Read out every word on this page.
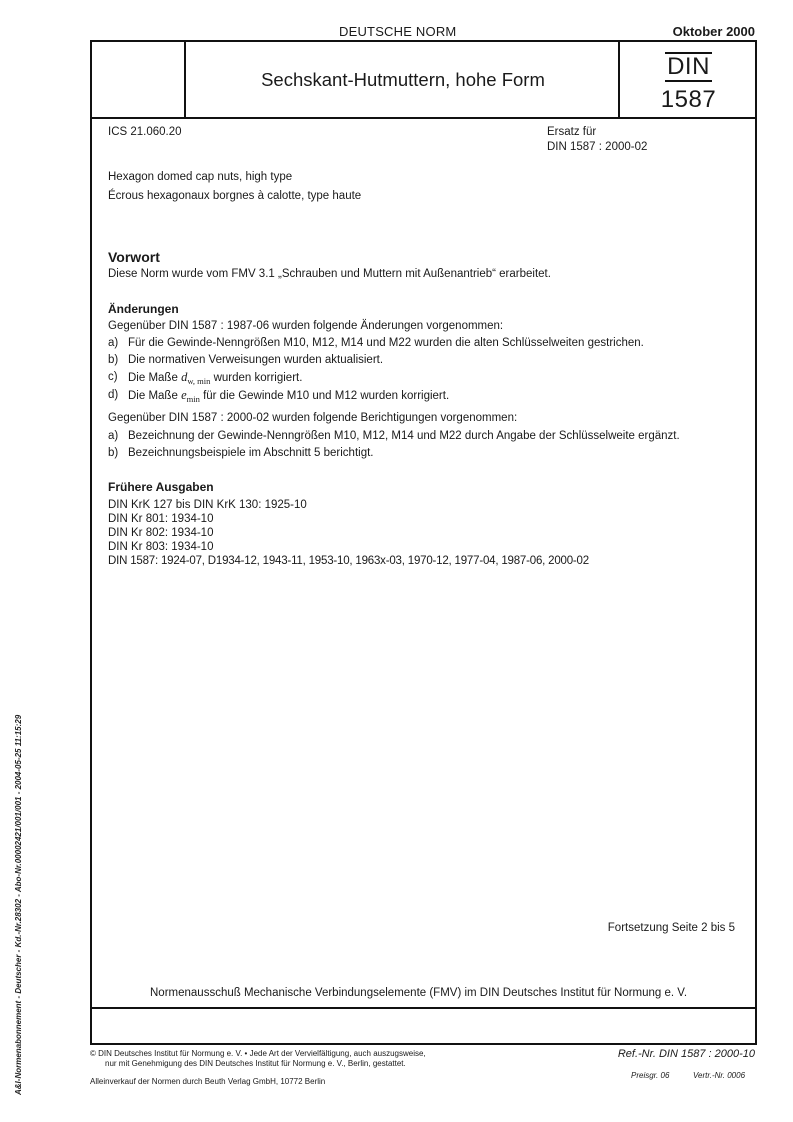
DEUTSCHE NORM	Oktober 2000
Sechskant-Hutmuttern, hohe Form	DIN
1587
ICS 21.060.20	Ersatz für
DIN 1587 : 2000-02
Hexagon domed cap nuts, high type
Écrous hexagonaux borgnes à calotte, type haute
Vorwort
Diese Norm wurde vom FMV 3.1 „Schrauben und Muttern mit Außenantrieb“ erarbeitet.
Änderungen
Gegenüber DIN 1587 : 1987-06 wurden folgende Änderungen vorgenommen:
a) Für die Gewinde-Nenngrößen M10, M12, M14 und M22 wurden die alten Schlüsselweiten gestrichen.
b) Die normativen Verweisungen wurden aktualisiert.
c) Die Maße $d_{w, min}$ wurden korrigiert.
d) Die Maße $e_{min}$ für die Gewinde M10 und M12 wurden korrigiert.
Gegenüber DIN 1587 : 2000-02 wurden folgende Berichtigungen vorgenommen:
a) Bezeichnung der Gewinde-Nenngrößen M10, M12, M14 und M22 durch Angabe der Schlüsselweite ergänzt.
b) Bezeichnungsbeispiele im Abschnitt 5 berichtigt.
Frühere Ausgaben
DIN KrK 127 bis DIN KrK 130: 1925-10
DIN Kr 801: 1934-10
DIN Kr 802: 1934-10
DIN Kr 803: 1934-10
DIN 1587: 1924-07, D1934-12, 1943-11, 1953-10, 1963x-03, 1970-12, 1977-04, 1987-06, 2000-02
Fortsetzung Seite 2 bis 5
Normenausschuß Mechanische Verbindungselemente (FMV) im DIN Deutsches Institut für Normung e. V.
© DIN Deutsches Institut für Normung e. V. • Jede Art der Vervielfältigung, auch auszugsweise,
nur mit Genehmigung des DIN Deutsches Institut für Normung e. V., Berlin, gestattet.
Alleinverkauf der Normen durch Beuth Verlag GmbH, 10772 Berlin
Ref.-Nr. DIN 1587 : 2000-10
Preisgr. 06	Vertr.-Nr. 0006
A&I-Normenabonnement - Deutscher - Kd.-Nr.28302 - Abo-Nr.00002421/001/001 - 2004-05-25 11:15:29
